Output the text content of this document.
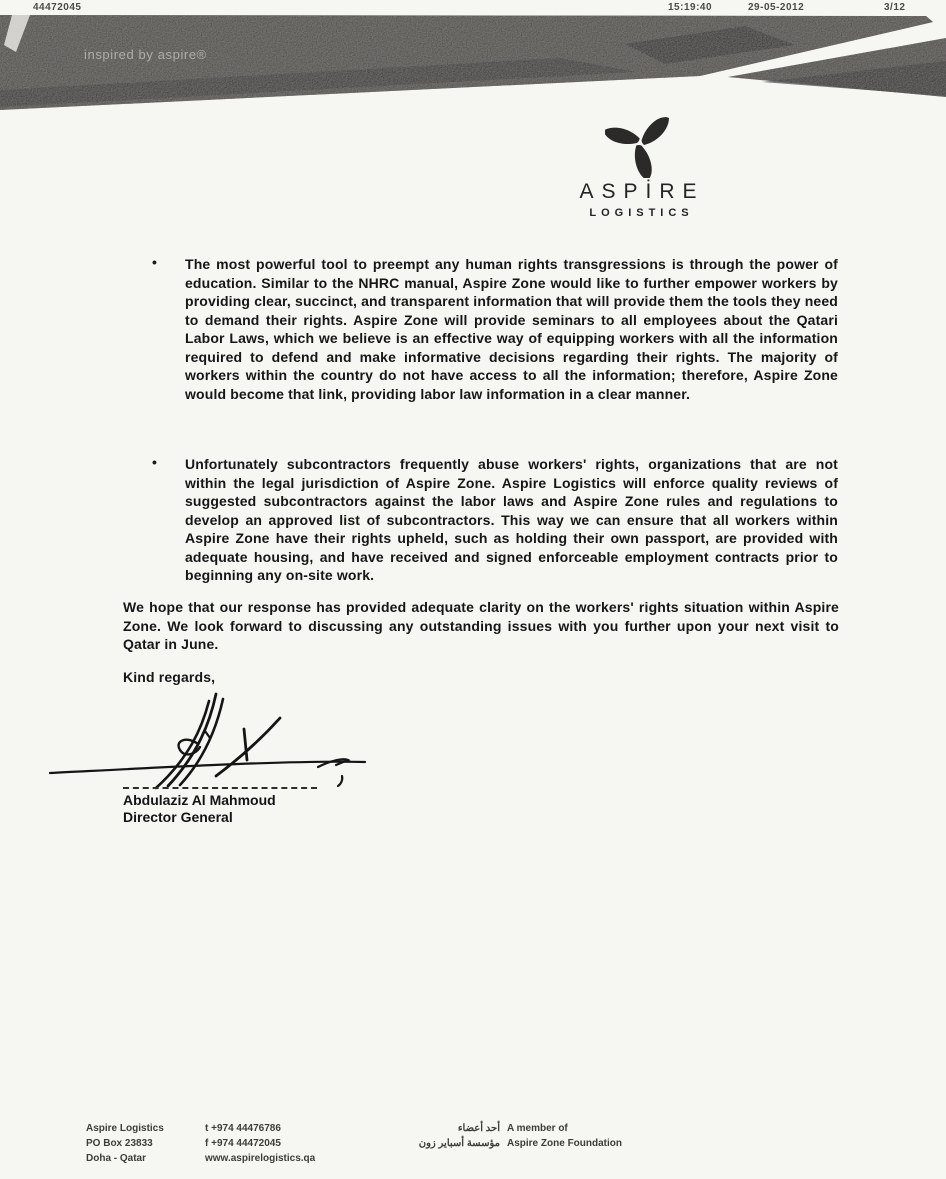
44472045	15:19:40	29-05-2012	3/12
inspired by aspire®
ASPİRE
LOGISTICS
• The most powerful tool to preempt any human rights transgressions is through the power of education. Similar to the NHRC manual, Aspire Zone would like to further empower workers by providing clear, succinct, and transparent information that will provide them the tools they need to demand their rights. Aspire Zone will provide seminars to all employees about the Qatari Labor Laws, which we believe is an effective way of equipping workers with all the information required to defend and make informative decisions regarding their rights. The majority of workers within the country do not have access to all the information; therefore, Aspire Zone would become that link, providing labor law information in a clear manner.

• Unfortunately subcontractors frequently abuse workers' rights, organizations that are not within the legal jurisdiction of Aspire Zone. Aspire Logistics will enforce quality reviews of suggested subcontractors against the labor laws and Aspire Zone rules and regulations to develop an approved list of subcontractors. This way we can ensure that all workers within Aspire Zone have their rights upheld, such as holding their own passport, are provided with adequate housing, and have received and signed enforceable employment contracts prior to beginning any on-site work.

We hope that our response has provided adequate clarity on the workers' rights situation within Aspire Zone. We look forward to discussing any outstanding issues with you further upon your next visit to Qatar in June.

Kind regards,

Abdulaziz Al Mahmoud
Director General
Aspire Logistics
PO Box 23833
Doha - Qatar
t +974 44476786
f +974 44472045
www.aspirelogistics.qa
أحد أعضاء
مؤسسة أسباير زون
A member of
Aspire Zone Foundation
